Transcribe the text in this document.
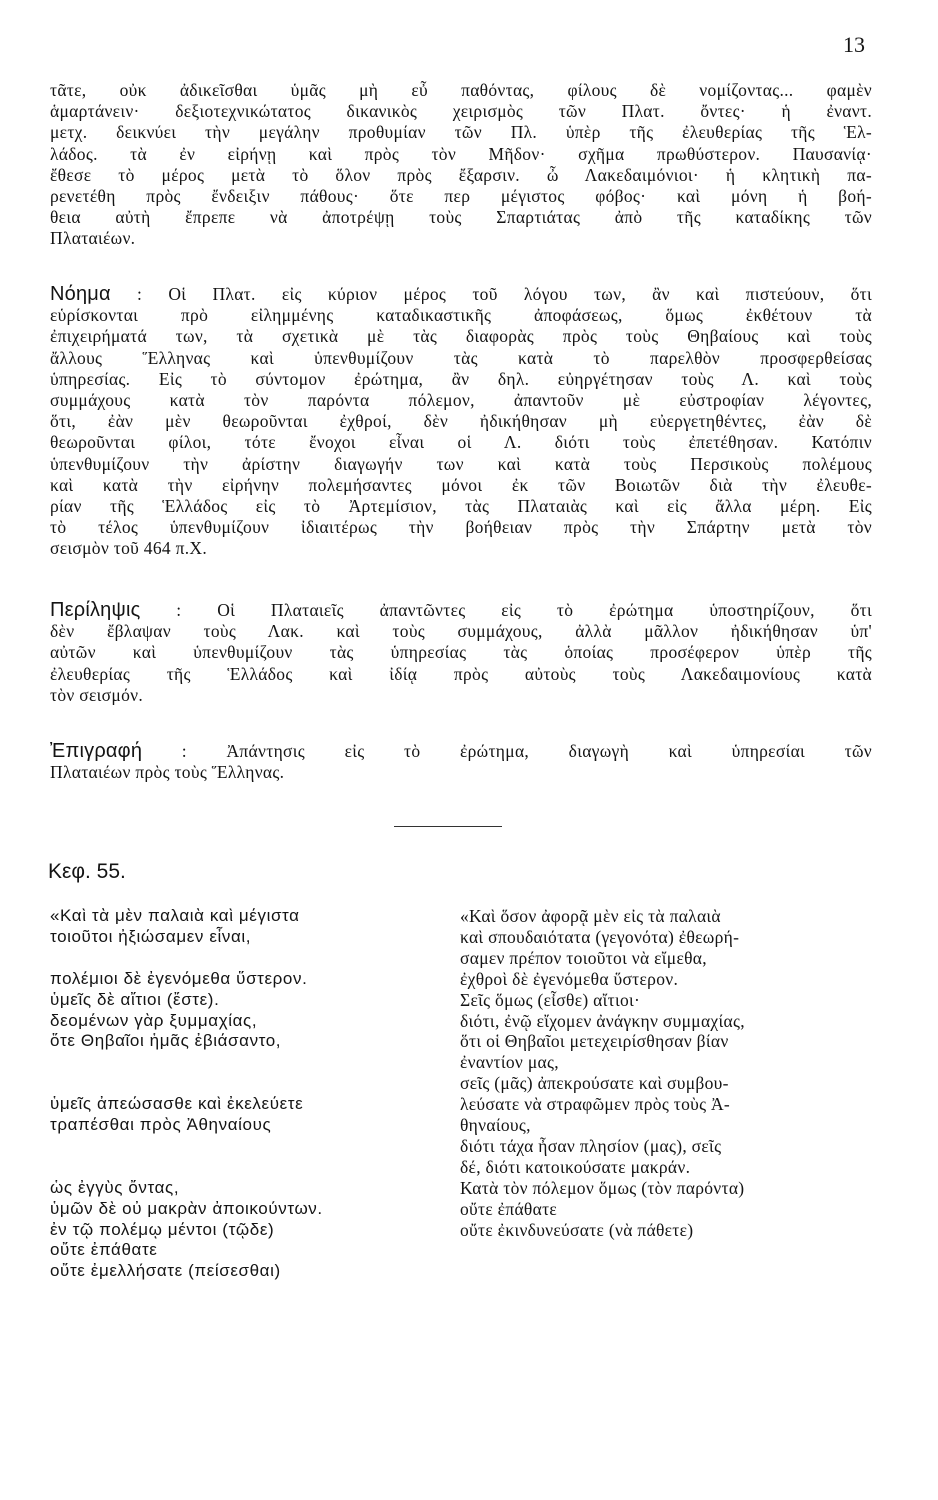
13
τᾶτε, οὐκ ἀδικεῖσθαι ὑμᾶς μὴ εὖ παθόντας, φίλους δὲ νομίζοντας... φαμὲν
ἁμαρτάνειν· δεξιοτεχνικώτατος δικανικὸς χειρισμὸς τῶν Πλατ. ὄντες· ἡ ἐναντ.
μετχ. δεικνύει τὴν μεγάλην προθυμίαν τῶν Πλ. ὑπὲρ τῆς ἐλευθερίας τῆς Ἑλ-
λάδος. τὰ ἐν εἰρήνῃ καὶ πρὸς τὸν Μῆδον· σχῆμα πρωθύστερον. Παυσανίᾳ·
ἔθεσε τὸ μέρος μετὰ τὸ ὅλον πρὸς ἔξαρσιν. ὦ Λακεδαιμόνιοι· ἡ κλητικὴ πα-
ρενετέθη πρὸς ἔνδειξιν πάθους· ὅτε περ μέγιστος φόβος· καὶ μόνη ἡ βοή-
θεια αὐτὴ ἔπρεπε νὰ ἀποτρέψῃ τοὺς Σπαρτιάτας ἀπὸ τῆς καταδίκης τῶν
Πλαταιέων.
Νόημα : Οἱ Πλατ. εἰς κύριον μέρος τοῦ λόγου των, ἂν καὶ πιστεύουν, ὅτι
εὑρίσκονται πρὸ εἰλημμένης καταδικαστικῆς ἀποφάσεως, ὅμως ἐκθέτουν τὰ
ἐπιχειρήματά των, τὰ σχετικὰ μὲ τὰς διαφορὰς πρὸς τοὺς Θηβαίους καὶ τοὺς
ἄλλους Ἕλληνας καὶ ὑπενθυμίζουν τὰς κατὰ τὸ παρελθὸν προσφερθείσας
ὑπηρεσίας. Εἰς τὸ σύντομον ἐρώτημα, ἂν δηλ. εὐηργέτησαν τοὺς Λ. καὶ τοὺς
συμμάχους κατὰ τὸν παρόντα πόλεμον, ἀπαντοῦν μὲ εὐστροφίαν λέγοντες,
ὅτι, ἐὰν μὲν θεωροῦνται ἐχθροί, δὲν ἠδικήθησαν μὴ εὐεργετηθέντες, ἐὰν δὲ
θεωροῦνται φίλοι, τότε ἔνοχοι εἶναι οἱ Λ. διότι τοὺς ἐπετέθησαν. Κατόπιν
ὑπενθυμίζουν τὴν ἀρίστην διαγωγήν των καὶ κατὰ τοὺς Περσικοὺς πολέμους
καὶ κατὰ τὴν εἰρήνην πολεμήσαντες μόνοι ἐκ τῶν Βοιωτῶν διὰ τὴν ἐλευθε-
ρίαν τῆς Ἑλλάδος εἰς τὸ Ἀρτεμίσιον, τὰς Πλαταιὰς καὶ εἰς ἄλλα μέρη. Εἰς
τὸ τέλος ὑπενθυμίζουν ἰδιαιτέρως τὴν βοήθειαν πρὸς τὴν Σπάρτην μετὰ τὸν
σεισμὸν τοῦ 464 π.Χ.
Περίληψις : Οἱ Πλαταιεῖς ἀπαντῶντες εἰς τὸ ἐρώτημα ὑποστηρίζουν, ὅτι
δὲν ἔβλαψαν τοὺς Λακ. καὶ τοὺς συμμάχους, ἀλλὰ μᾶλλον ἠδικήθησαν ὑπ'
αὐτῶν καὶ ὑπενθυμίζουν τὰς ὑπηρεσίας τὰς ὁποίας προσέφερον ὑπὲρ τῆς
ἐλευθερίας τῆς Ἑλλάδος καὶ ἰδίᾳ πρὸς αὐτοὺς τοὺς Λακεδαιμονίους κατὰ
τὸν σεισμόν.
Ἐπιγραφή : Ἀπάντησις εἰς τὸ ἐρώτημα, διαγωγὴ καὶ ὑπηρεσίαι τῶν
Πλαταιέων πρὸς τοὺς Ἕλληνας.
Κεφ. 55.
«Καὶ τὰ μὲν παλαιὰ καὶ μέγιστα
τοιοῦτοι ἠξιώσαμεν εἶναι,
πολέμιοι δὲ ἐγενόμεθα ὕστερον.
ὑμεῖς δὲ αἴτιοι (ἔστε).
δεομένων γὰρ ξυμμαχίας,
ὅτε Θηβαῖοι ἡμᾶς ἐβιάσαντο,
ὑμεῖς ἀπεώσασθε καὶ ἐκελεύετε
τραπέσθαι πρὸς Ἀθηναίους
ὡς ἐγγὺς ὄντας,
ὑμῶν δὲ οὐ μακρὰν ἀποικούντων.
ἐν τῷ πολέμῳ μέντοι (τῷδε)
οὔτε ἐπάθατε
οὔτε ἐμελλήσατε (πείσεσθαι)
«Καὶ ὅσον ἀφορᾷ μὲν εἰς τὰ παλαιὰ
καὶ σπουδαιότατα (γεγονότα) ἐθεωρή-
σαμεν πρέπον τοιοῦτοι νὰ εἴμεθα,
ἐχθροὶ δὲ ἐγενόμεθα ὕστερον.
Σεῖς ὅμως (εἶσθε) αἴτιοι·
διότι, ἐνῷ εἴχομεν ἀνάγκην συμμαχίας,
ὅτι οἱ Θηβαῖοι μετεχειρίσθησαν βίαν
ἐναντίον μας,
σεῖς (μᾶς) ἀπεκρούσατε καὶ συμβου-
λεύσατε νὰ στραφῶμεν πρὸς τοὺς Ἀ-
θηναίους,
διότι τάχα ἦσαν πλησίον (μας), σεῖς
δέ, διότι κατοικούσατε μακράν.
Κατὰ τὸν πόλεμον ὅμως (τὸν παρόντα)
οὔτε ἐπάθατε
οὔτε ἐκινδυνεύσατε (νὰ πάθετε)
